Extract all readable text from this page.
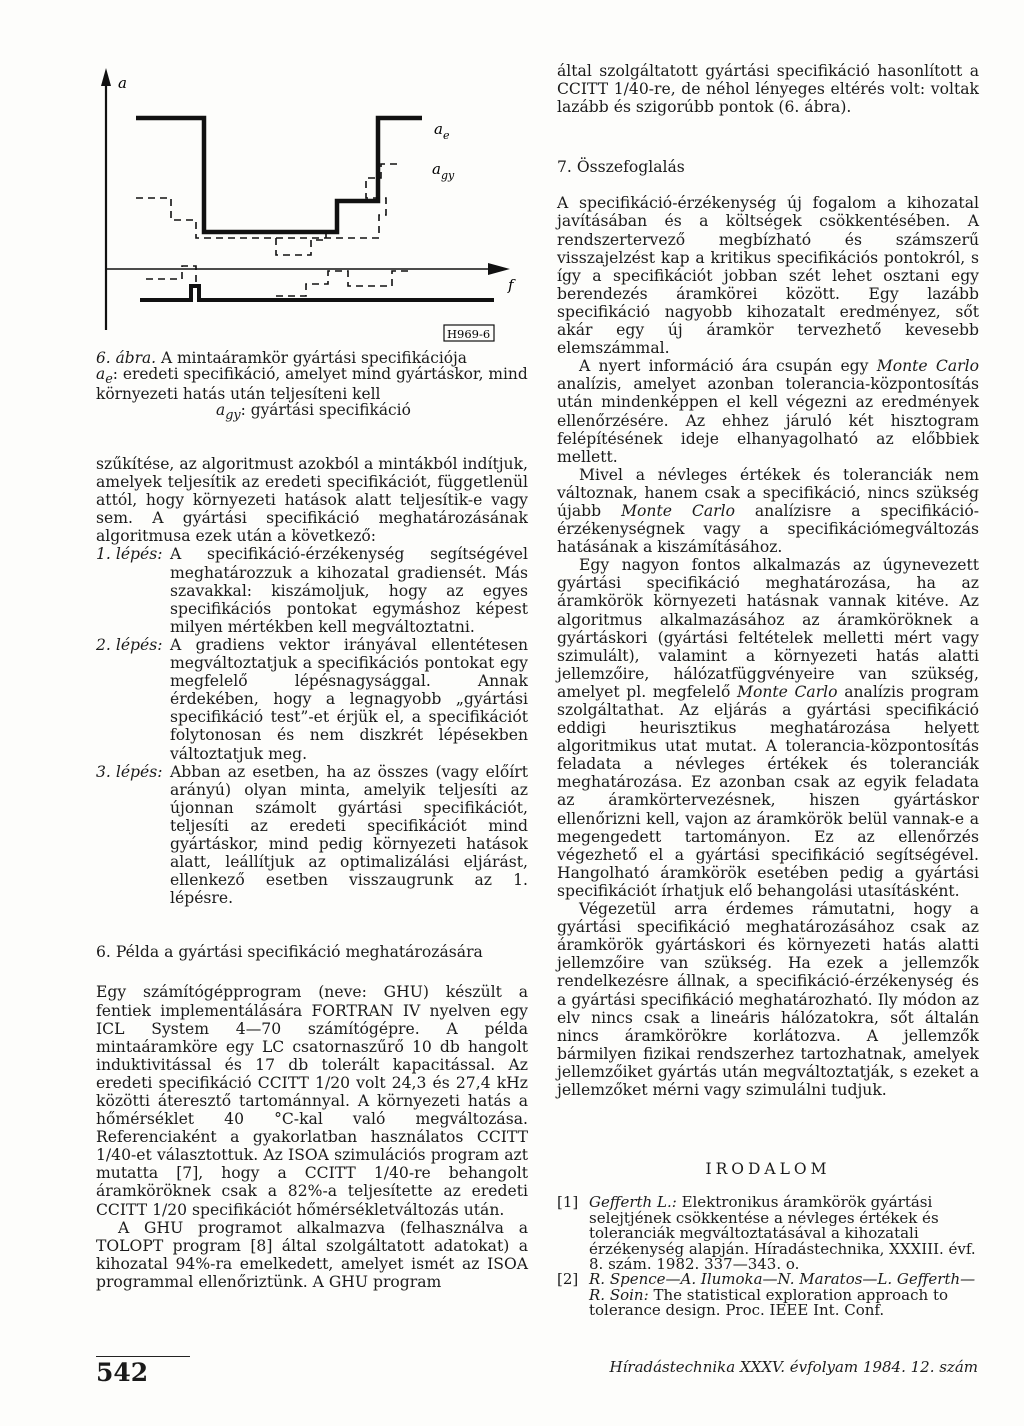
a
$a_e$
$a_{gy}$
f
H969-6

6. ábra. A mintaáramkör gyártási specifikációja

$a_e$: eredeti specifikáció, amelyet mind gyártáskor, mind környezeti hatás után teljesíteni kell

$a_{gy}$: gyártási specifikáció

szűkítése, az algoritmust azokból a mintákból indítjuk, amelyek teljesítik az eredeti specifikációt, függetlenül attól, hogy környezeti hatások alatt teljesítik-e vagy sem. A gyártási specifikáció meghatározásának algoritmusa ezek után a következő:

1. lépés: A specifikáció-érzékenység segítségével meghatározzuk a kihozatal gradiensét. Más szavakkal: kiszámoljuk, hogy az egyes specifikációs pontokat egymáshoz képest milyen mértékben kell megváltoztatni.
2. lépés: A gradiens vektor irányával ellentétesen megváltoztatjuk a specifikációs pontokat egy megfelelő lépésnagysággal. Annak érdekében, hogy a legnagyobb „gyártási specifikáció test”-et érjük el, a specifikációt folytonosan és nem diszkrét lépésekben változtatjuk meg.
3. lépés: Abban az esetben, ha az összes (vagy előírt arányú) olyan minta, amelyik teljesíti az újonnan számolt gyártási specifikációt, teljesíti az eredeti specifikációt mind gyártáskor, mind pedig környezeti hatások alatt, leállítjuk az optimalizálási eljárást, ellenkező esetben visszaugrunk az 1. lépésre.

6. Példa a gyártási specifikáció meghatározására

Egy számítógépprogram (neve: GHU) készült a fentiek implementálására FORTRAN IV nyelven egy ICL System 4—70 számítógépre. A példa mintaáramköre egy LC csatornaszűrő 10 db hangolt induktivitással és 17 db tolerált kapacitással. Az eredeti specifikáció CCITT 1/20 volt 24,3 és 27,4 kHz közötti áteresztő tartománnyal. A környezeti hatás a hőmérséklet 40 °C-kal való megváltozása. Referenciaként a gyakorlatban használatos CCITT 1/40-et választottuk. Az ISOA szimulációs program azt mutatta [7], hogy a CCITT 1/40-re behangolt áramköröknek csak a 82%-a teljesítette az eredeti CCITT 1/20 specifikációt hőmérsékletváltozás után.

A GHU programot alkalmazva (felhasználva a TOLOPT program [8] által szolgáltatott adatokat) a kihozatal 94%-ra emelkedett, amelyet ismét az ISOA programmal ellenőriztünk. A GHU program

által szolgáltatott gyártási specifikáció hasonlított a CCITT 1/40-re, de néhol lényeges eltérés volt: voltak lazább és szigorúbb pontok (6. ábra).

7. Összefoglalás

A specifikáció-érzékenység új fogalom a kihozatal javításában és a költségek csökkentésében. A rendszertervező megbízható és számszerű visszajelzést kap a kritikus specifikációs pontokról, s így a specifikációt jobban szét lehet osztani egy berendezés áramkörei között. Egy lazább specifikáció nagyobb kihozatalt eredményez, sőt akár egy új áramkör tervezhető kevesebb elemszámmal.

A nyert információ ára csupán egy Monte Carlo analízis, amelyet azonban tolerancia-központosítás után mindenképpen el kell végezni az eredmények ellenőrzésére. Az ehhez járuló két hisztogram felépítésének ideje elhanyagolható az előbbiek mellett.

Mivel a névleges értékek és toleranciák nem változnak, hanem csak a specifikáció, nincs szükség újabb Monte Carlo analízisre a specifikáció-érzékenységnek vagy a specifikációmegváltozás hatásának a kiszámításához.

Egy nagyon fontos alkalmazás az úgynevezett gyártási specifikáció meghatározása, ha az áramkörök környezeti hatásnak vannak kitéve. Az algoritmus alkalmazásához az áramköröknek a gyártáskori (gyártási feltételek melletti mért vagy szimulált), valamint a környezeti hatás alatti jellemzőire, hálózatfüggvényeire van szükség, amelyet pl. megfelelő Monte Carlo analízis program szolgáltathat. Az eljárás a gyártási specifikáció eddigi heurisztikus meghatározása helyett algoritmikus utat mutat. A tolerancia-központosítás feladata a névleges értékek és toleranciák meghatározása. Ez azonban csak az egyik feladata az áramkörtervezésnek, hiszen gyártáskor ellenőrizni kell, vajon az áramkörök belül vannak-e a megengedett tartományon. Ez az ellenőrzés végezhető el a gyártási specifikáció segítségével. Hangolható áramkörök esetében pedig a gyártási specifikációt írhatjuk elő behangolási utasításként.

Végezetül arra érdemes rámutatni, hogy a gyártási specifikáció meghatározásához csak az áramkörök gyártáskori és környezeti hatás alatti jellemzőire van szükség. Ha ezek a jellemzők rendelkezésre állnak, a specifikáció-érzékenység és a gyártási specifikáció meghatározható. Ily módon az elv nincs csak a lineáris hálózatokra, sőt általán nincs áramkörökre korlátozva. A jellemzők bármilyen fizikai rendszerhez tartozhatnak, amelyek jellemzőiket gyártás után megváltoztatják, s ezeket a jellemzőket mérni vagy szimulálni tudjuk.

IRODALOM
[1] Gefferth L.: Elektronikus áramkörök gyártási selejtjének csökkentése a névleges értékek és toleranciák megváltoztatásával a kihozatali érzékenység alapján. Híradástechnika, XXXIII. évf. 8. szám. 1982. 337—343. o.
[2] R. Spence—A. Ilumoka—N. Maratos—L. Gefferth—R. Soin: The statistical exploration approach to tolerance design. Proc. IEEE Int. Conf.
542	Híradástechnika XXXV. évfolyam 1984. 12. szám
